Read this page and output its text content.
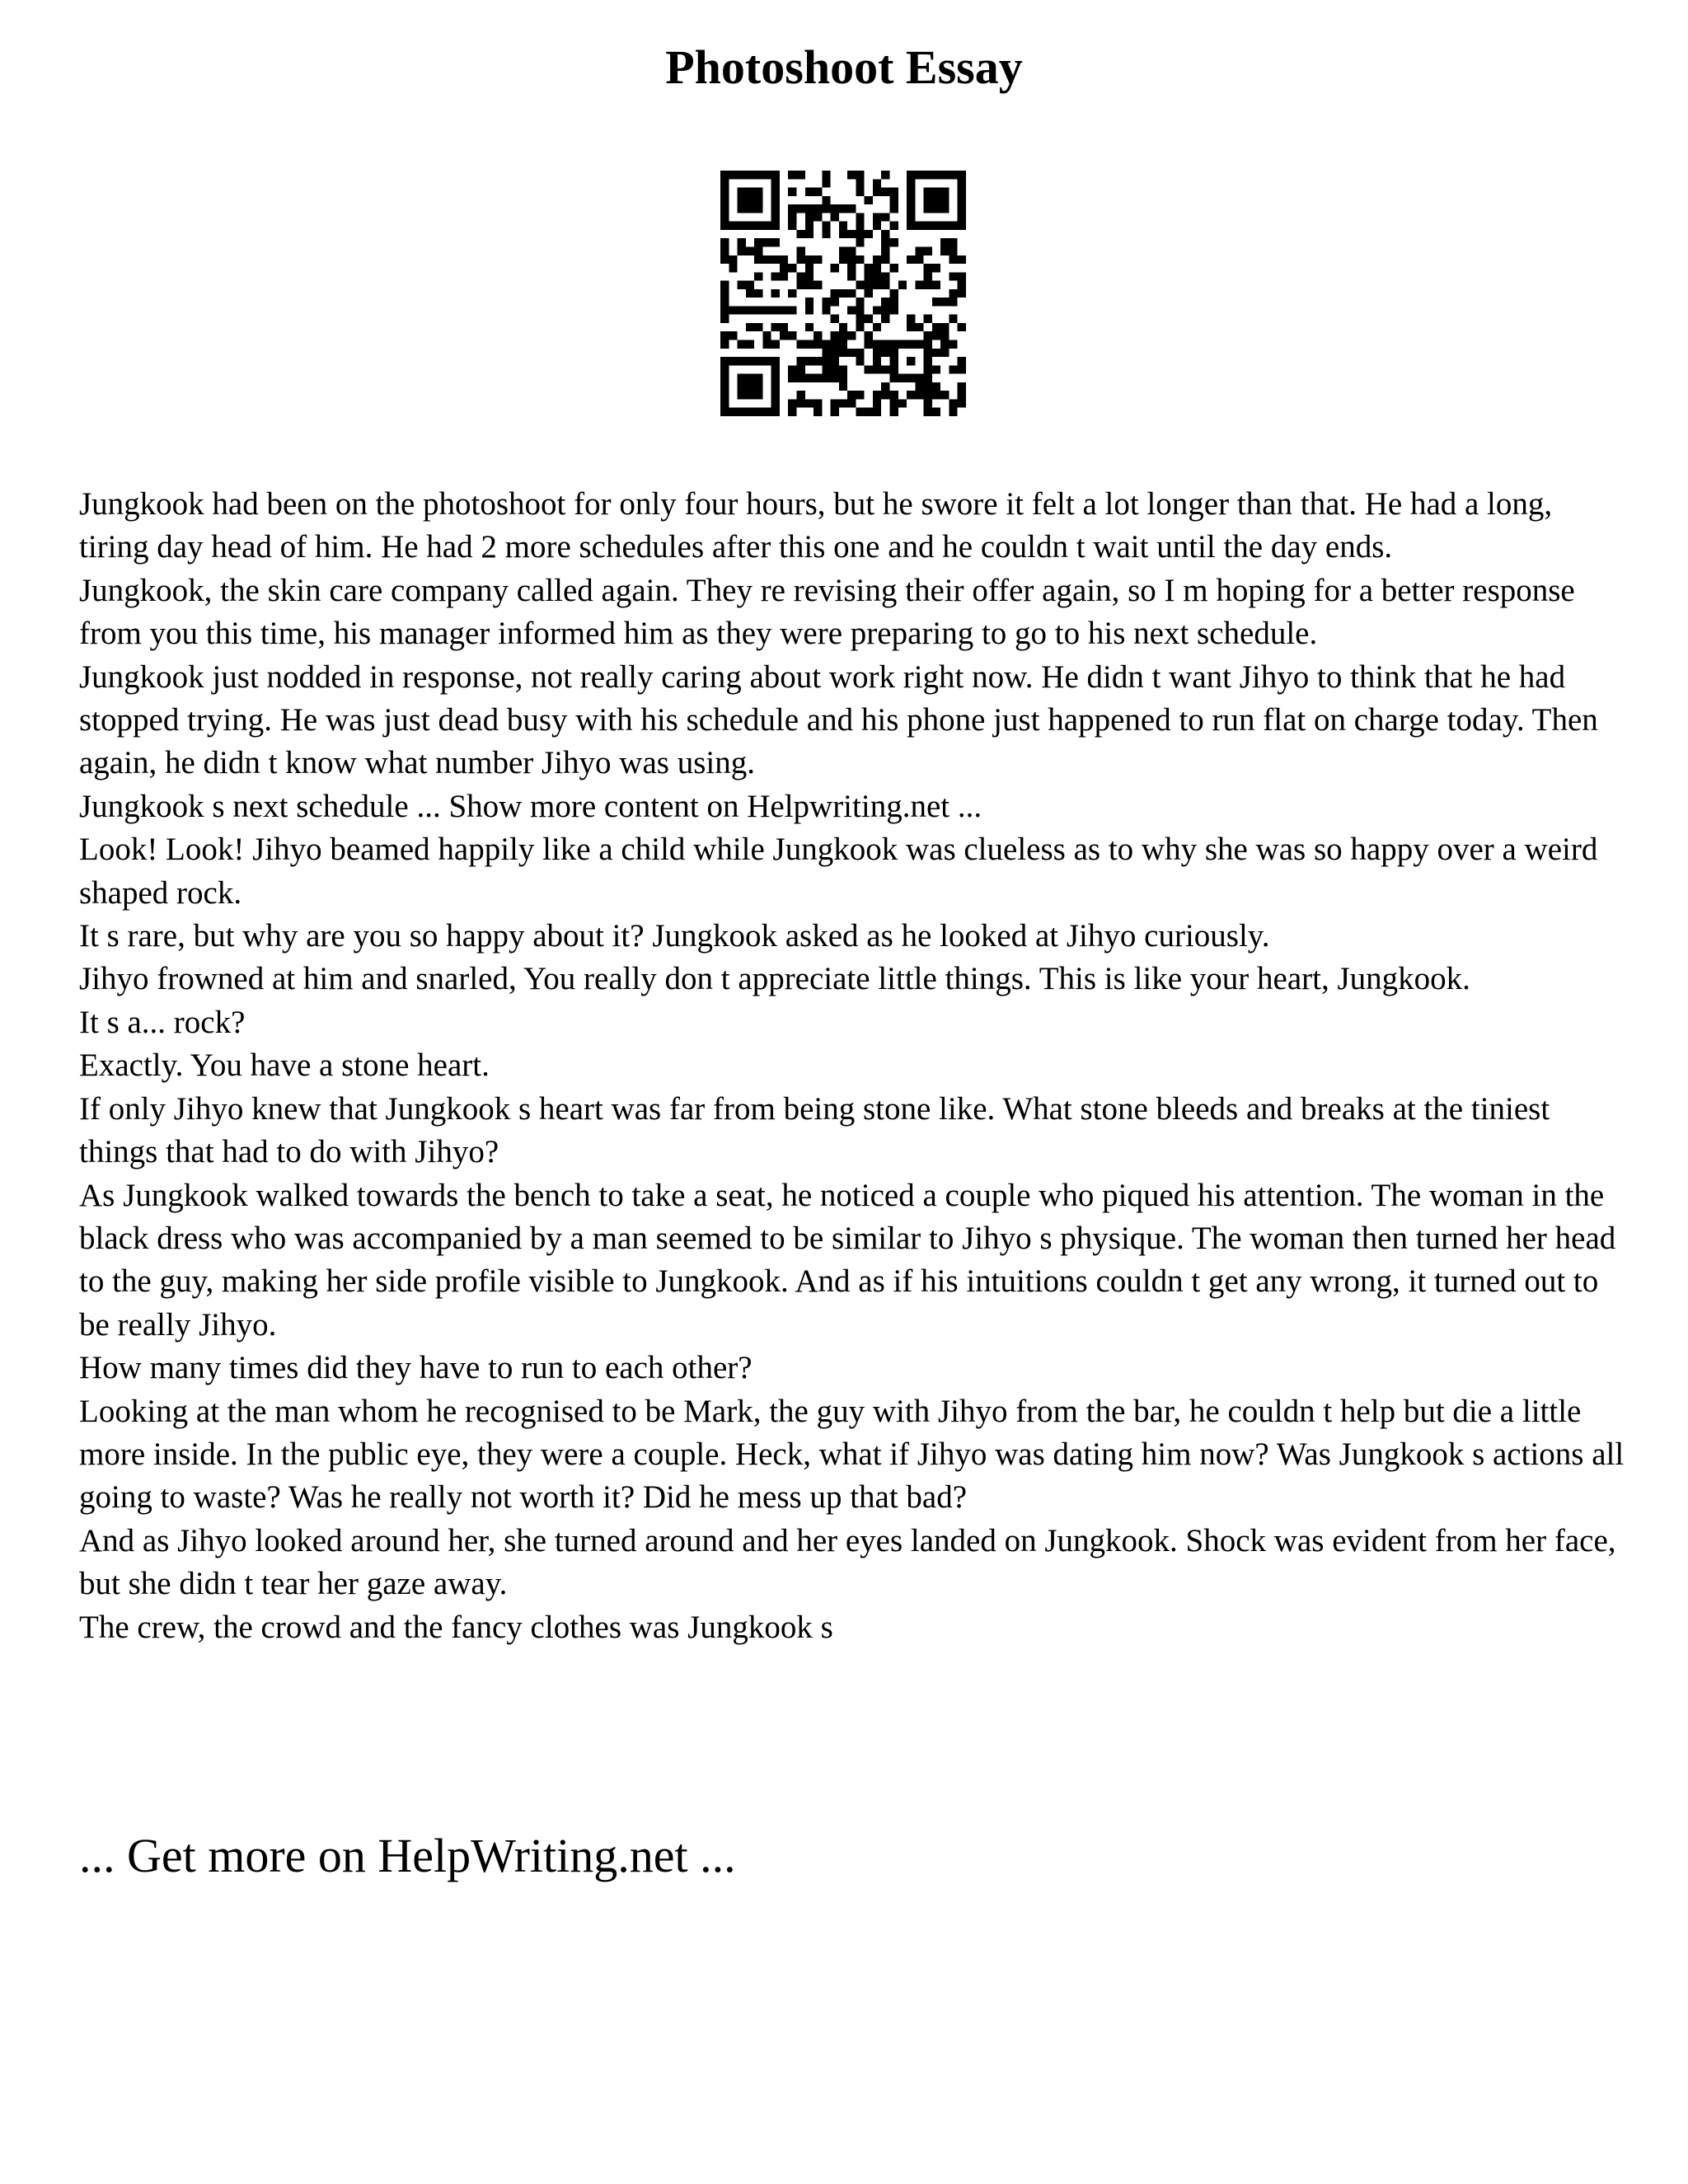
Photoshoot Essay

Jungkook had been on the photoshoot for only four hours, but he swore it felt a lot longer than that. He had a long, tiring day head of him. He had 2 more schedules after this one and he couldn t wait until the day ends.

Jungkook, the skin care company called again. They re revising their offer again, so I m hoping for a better response from you this time, his manager informed him as they were preparing to go to his next schedule.

Jungkook just nodded in response, not really caring about work right now. He didn t want Jihyo to think that he had stopped trying. He was just dead busy with his schedule and his phone just happened to run flat on charge today. Then again, he didn t know what number Jihyo was using.

Jungkook s next schedule ... Show more content on Helpwriting.net ...

Look! Look! Jihyo beamed happily like a child while Jungkook was clueless as to why she was so happy over a weird shaped rock.

It s rare, but why are you so happy about it? Jungkook asked as he looked at Jihyo curiously.

Jihyo frowned at him and snarled, You really don t appreciate little things. This is like your heart, Jungkook.

It s a... rock?

Exactly. You have a stone heart.

If only Jihyo knew that Jungkook s heart was far from being stone like. What stone bleeds and breaks at the tiniest things that had to do with Jihyo?

As Jungkook walked towards the bench to take a seat, he noticed a couple who piqued his attention. The woman in the black dress who was accompanied by a man seemed to be similar to Jihyo s physique. The woman then turned her head to the guy, making her side profile visible to Jungkook. And as if his intuitions couldn t get any wrong, it turned out to be really Jihyo.

How many times did they have to run to each other?

Looking at the man whom he recognised to be Mark, the guy with Jihyo from the bar, he couldn t help but die a little more inside. In the public eye, they were a couple. Heck, what if Jihyo was dating him now? Was Jungkook s actions all going to waste? Was he really not worth it? Did he mess up that bad?

And as Jihyo looked around her, she turned around and her eyes landed on Jungkook. Shock was evident from her face, but she didn t tear her gaze away.

The crew, the crowd and the fancy clothes was Jungkook s

... Get more on HelpWriting.net ...
